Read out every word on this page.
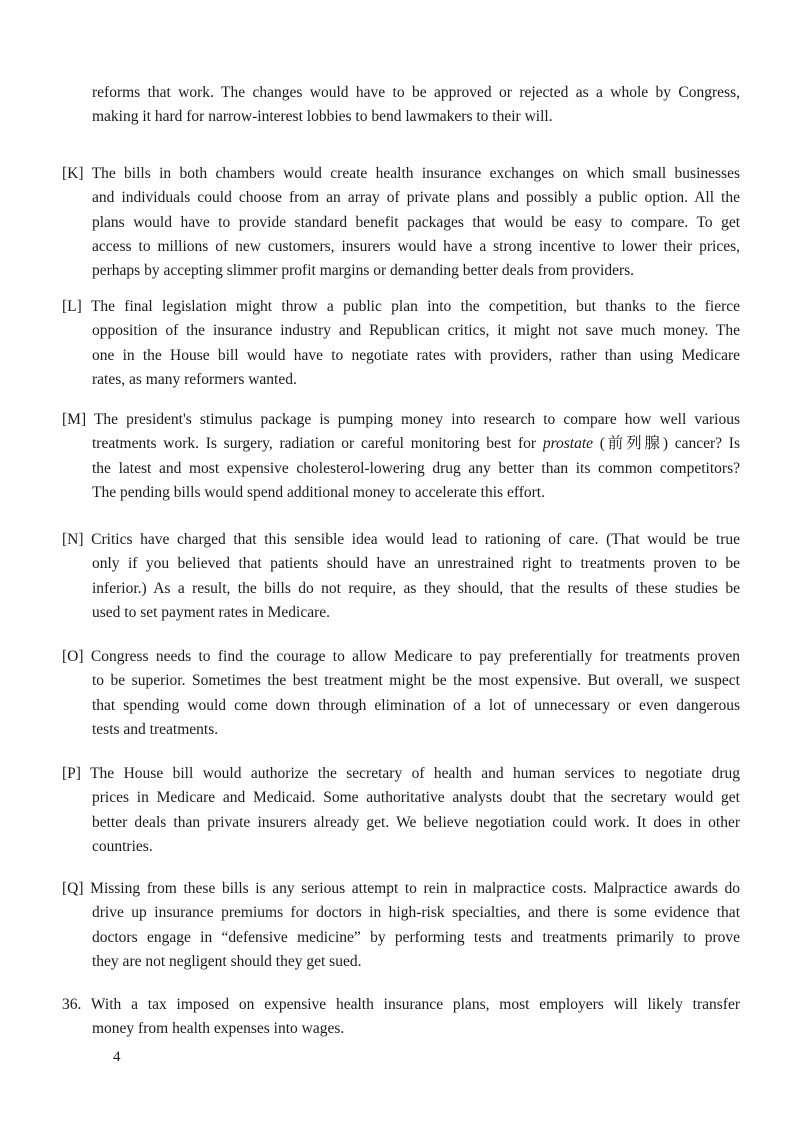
reforms that work. The changes would have to be approved or rejected as a whole by Congress,
making it hard for narrow-interest lobbies to bend lawmakers to their will.
[K] The bills in both chambers would create health insurance exchanges on which small businesses
and individuals could choose from an array of private plans and possibly a public option. All the
plans would have to provide standard benefit packages that would be easy to compare. To get
access to millions of new customers, insurers would have a strong incentive to lower their prices,
perhaps by accepting slimmer profit margins or demanding better deals from providers.
[L] The final legislation might throw a public plan into the competition, but thanks to the fierce
opposition of the insurance industry and Republican critics, it might not save much money. The
one in the House bill would have to negotiate rates with providers, rather than using Medicare
rates, as many reformers wanted.
[M] The president's stimulus package is pumping money into research to compare how well various
treatments work. Is surgery, radiation or careful monitoring best for prostate (前列腺) cancer? Is
the latest and most expensive cholesterol-lowering drug any better than its common competitors?
The pending bills would spend additional money to accelerate this effort.
[N] Critics have charged that this sensible idea would lead to rationing of care. (That would be true
only if you believed that patients should have an unrestrained right to treatments proven to be
inferior.) As a result, the bills do not require, as they should, that the results of these studies be
used to set payment rates in Medicare.
[O] Congress needs to find the courage to allow Medicare to pay preferentially for treatments proven
to be superior. Sometimes the best treatment might be the most expensive. But overall, we suspect
that spending would come down through elimination of a lot of unnecessary or even dangerous
tests and treatments.
[P] The House bill would authorize the secretary of health and human services to negotiate drug
prices in Medicare and Medicaid. Some authoritative analysts doubt that the secretary would get
better deals than private insurers already get. We believe negotiation could work. It does in other
countries.
[Q] Missing from these bills is any serious attempt to rein in malpractice costs. Malpractice awards do
drive up insurance premiums for doctors in high-risk specialties, and there is some evidence that
doctors engage in “defensive medicine” by performing tests and treatments primarily to prove
they are not negligent should they get sued.
36. With a tax imposed on expensive health insurance plans, most employers will likely transfer
money from health expenses into wages.
4
